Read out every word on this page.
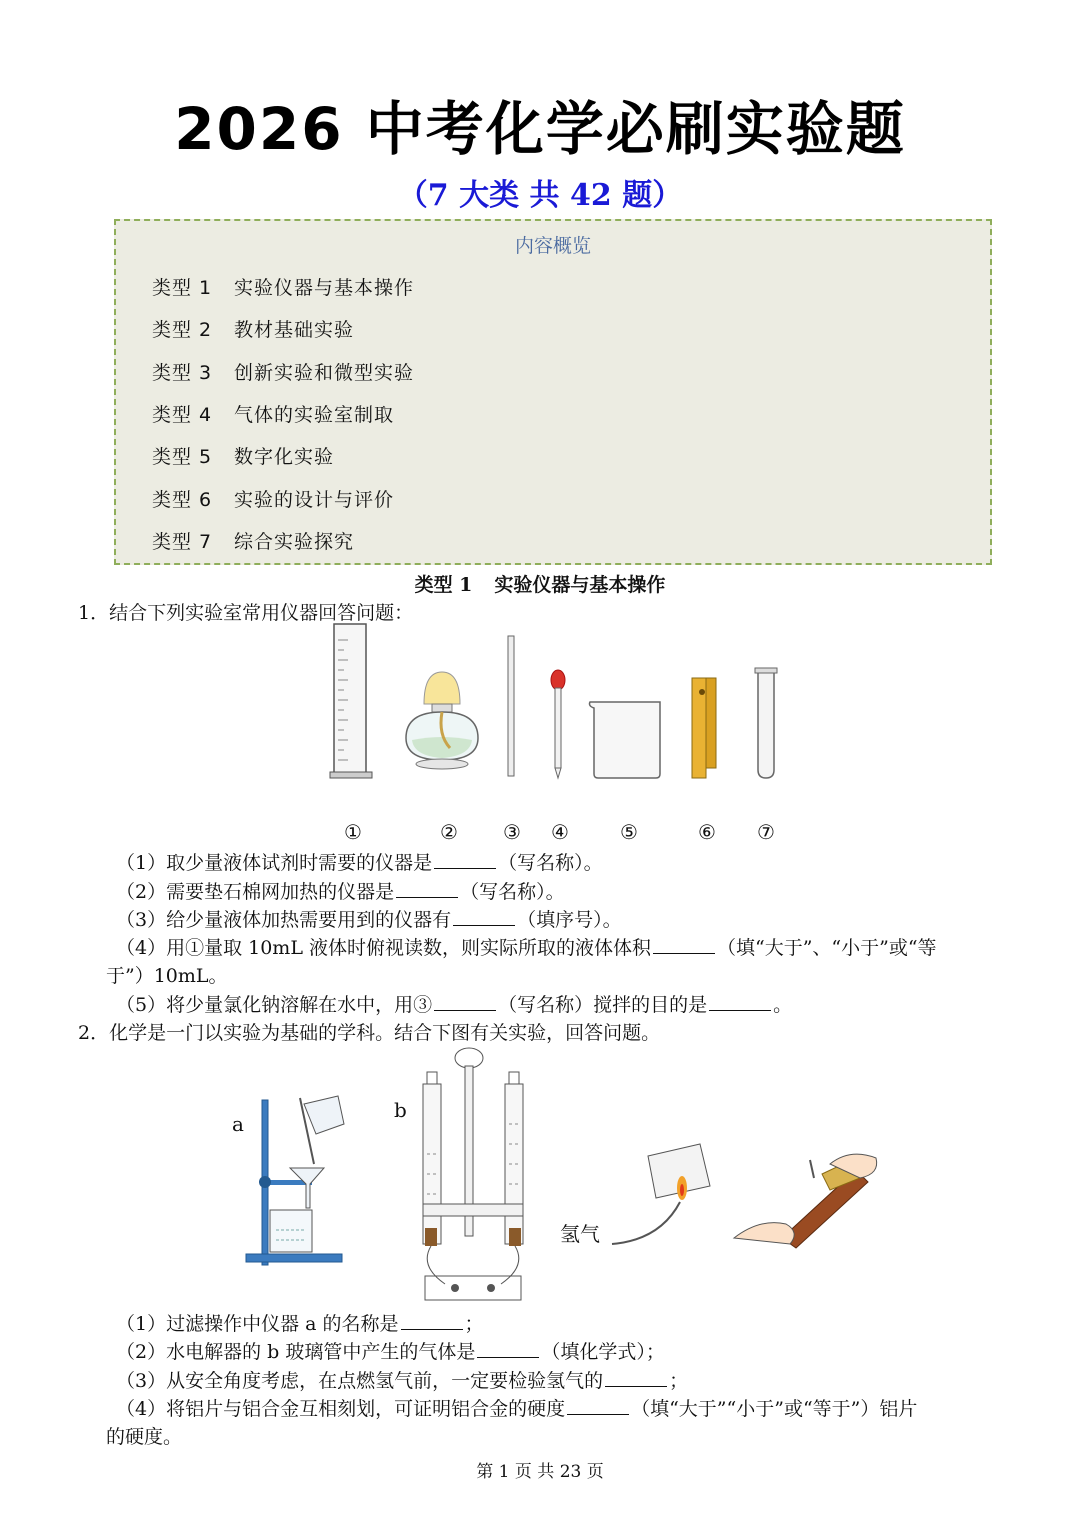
2026 中考化学必刷实验题
（7 大类 共 42 题）
内容概览
类型 1 实验仪器与基本操作
类型 2 教材基础实验
类型 3 创新实验和微型实验
类型 4 气体的实验室制取
类型 5 数字化实验
类型 6 实验的设计与评价
类型 7 综合实验探究
类型 1 实验仪器与基本操作
1．结合下列实验室常用仪器回答问题：
①	② ③ ④	⑤	⑥ ⑦
（1）取少量液体试剂时需要的仪器是	（写名称）。
（2）需要垫石棉网加热的仪器是	（写名称）。
（3）给少量液体加热需要用到的仪器有	（填序号）。
（4）用①量取 10mL 液体时俯视读数，则实际所取的液体体积	（填“大于”、“小于”或“等
于”）10mL。
（5）将少量氯化钠溶解在水中，用③	（写名称）搅拌的目的是	。
2．化学是一门以实验为基础的学科。结合下图有关实验，回答问题。
a
b
氢气
（1）过滤操作中仪器 a 的名称是	；
（2）水电解器的 b 玻璃管中产生的气体是	（填化学式）；
（3）从安全角度考虑，在点燃氢气前，一定要检验氢气的	；
（4）将铝片与铝合金互相刻划，可证明铝合金的硬度	（填“大于”“小于”或“等于”）铝片
的硬度。
第 1 页 共 23 页
